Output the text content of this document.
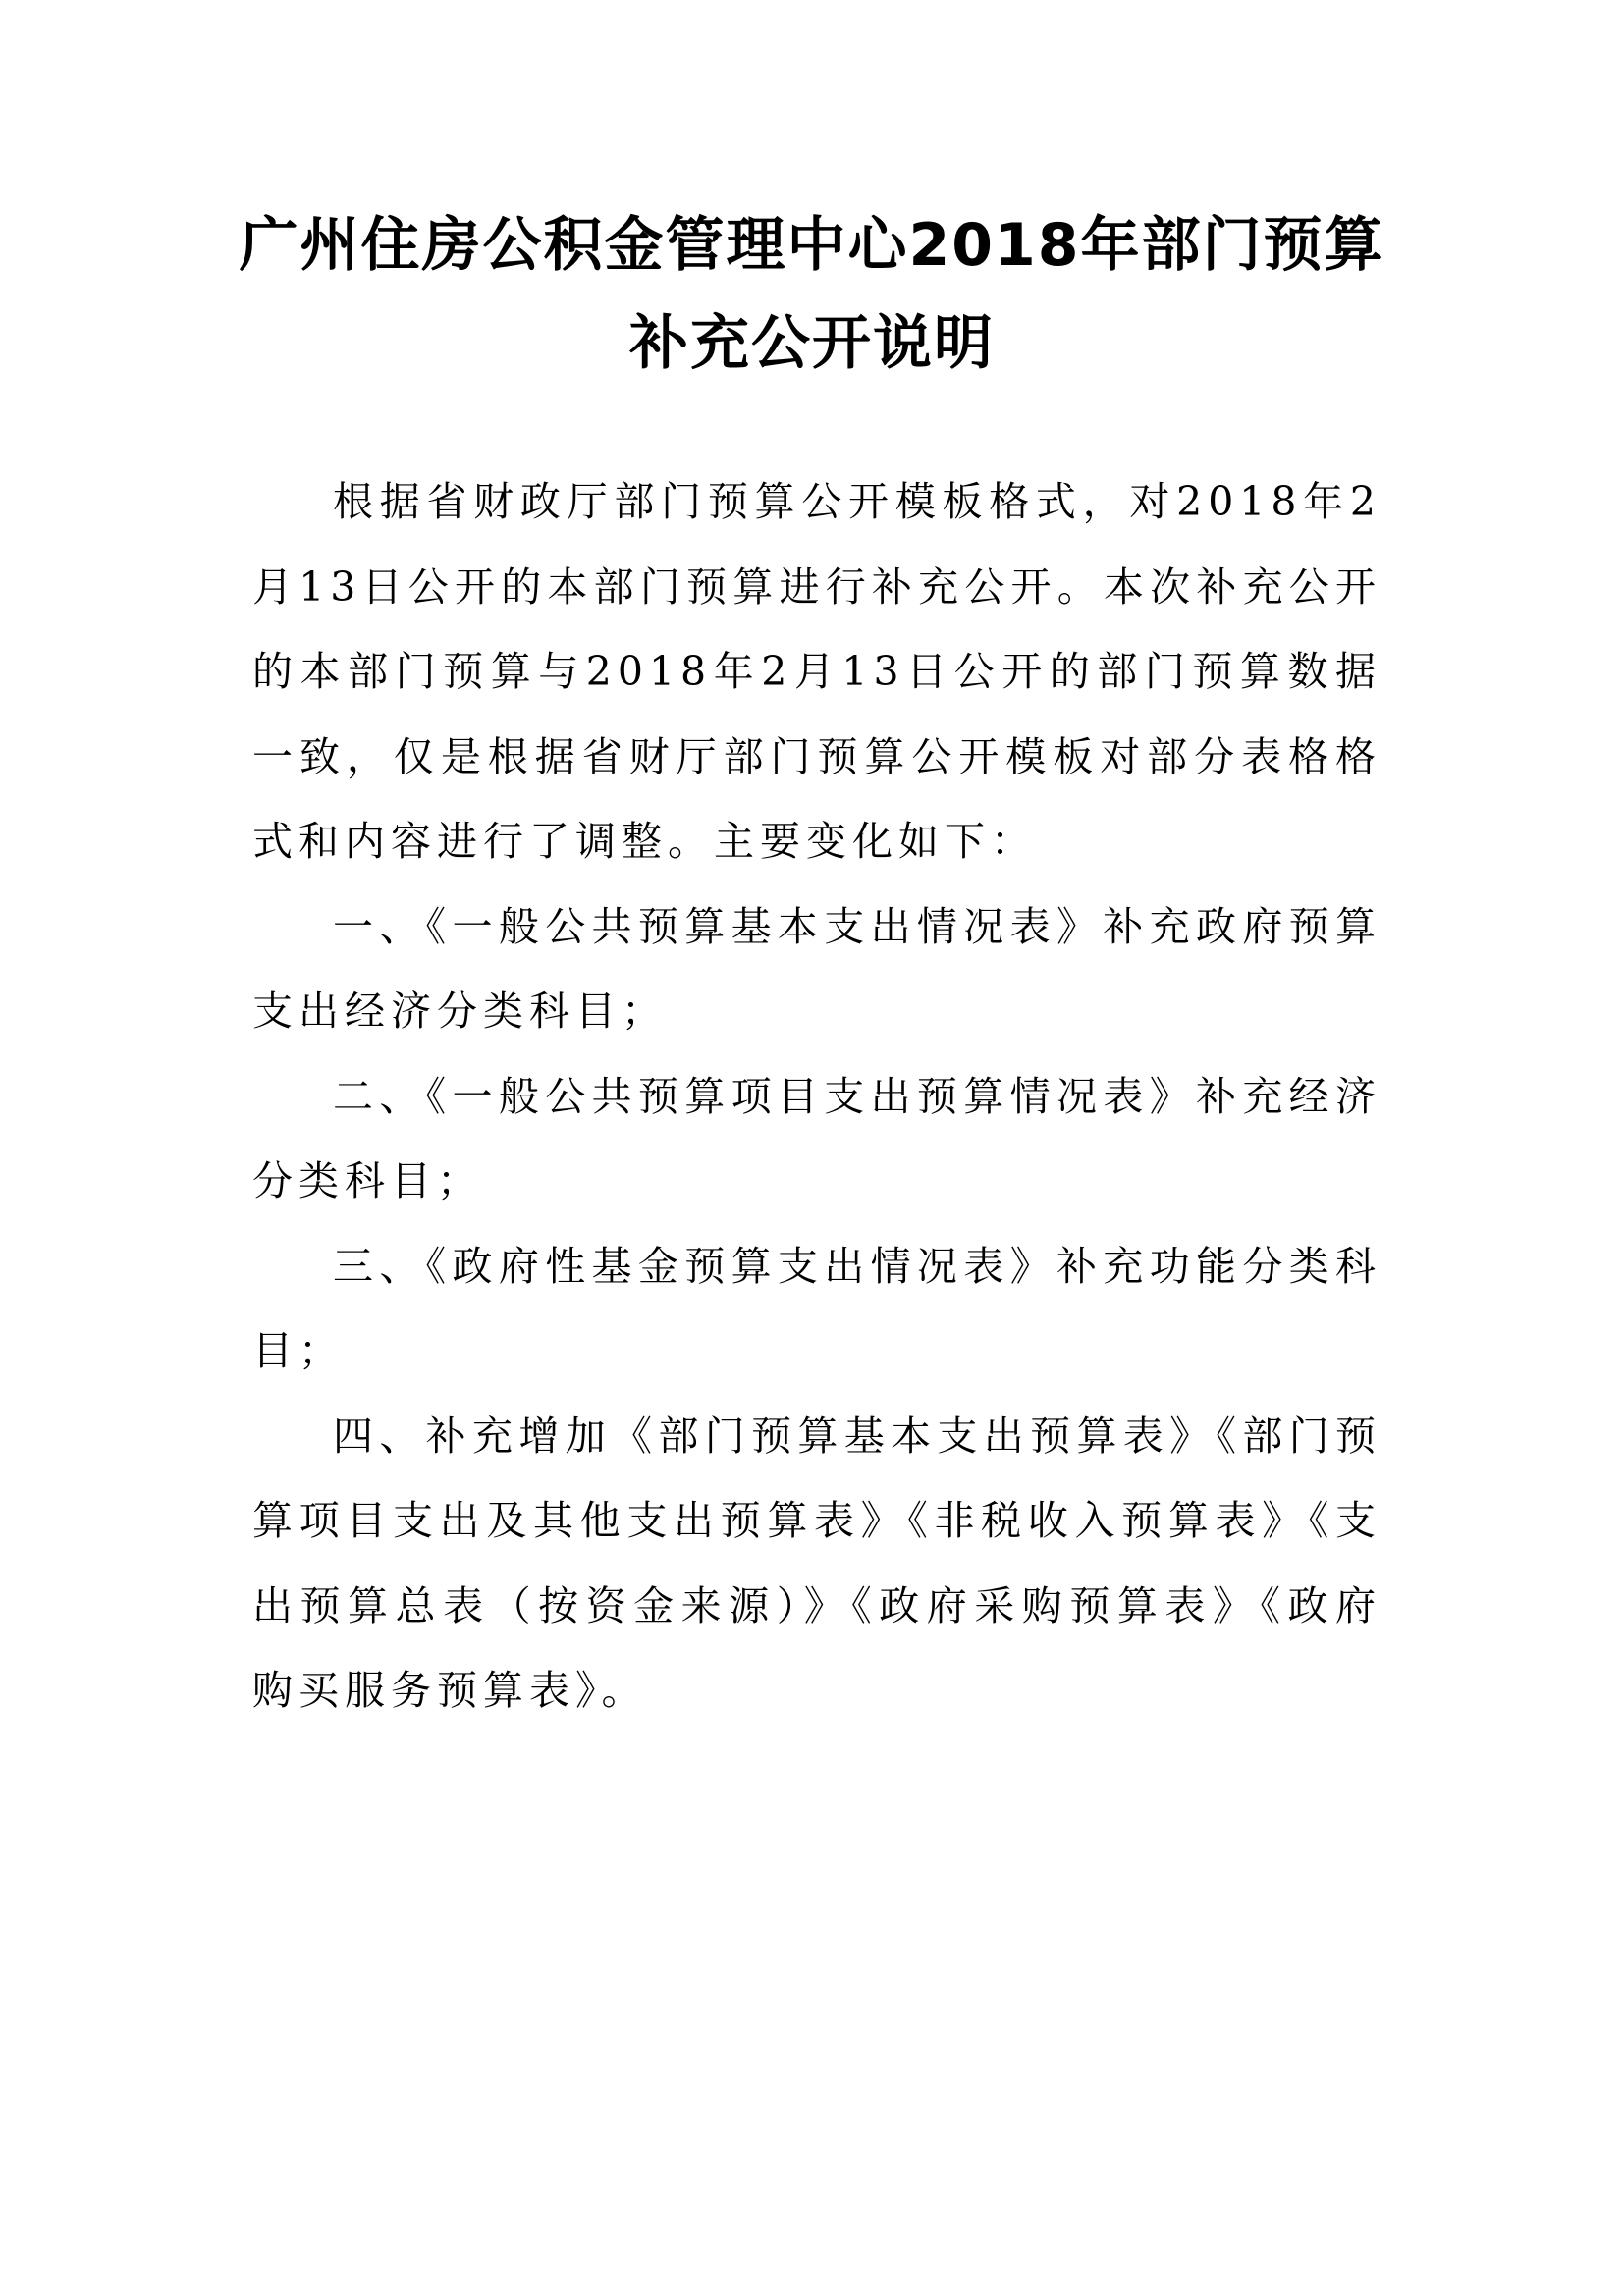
广州住房公积金管理中心2018年部门预算
补充公开说明

根据省财政厅部门预算公开模板格式，对2018年2月13日公开的本部门预算进行补充公开。本次补充公开的本部门预算与2018年2月13日公开的部门预算数据一致，仅是根据省财厅部门预算公开模板对部分表格格式和内容进行了调整。主要变化如下：

一、《一般公共预算基本支出情况表》补充政府预算支出经济分类科目；

二、《一般公共预算项目支出预算情况表》补充经济分类科目；

三、《政府性基金预算支出情况表》补充功能分类科目；

四、补充增加《部门预算基本支出预算表》《部门预算项目支出及其他支出预算表》《非税收入预算表》《支出预算总表（按资金来源）》《政府采购预算表》《政府购买服务预算表》。
